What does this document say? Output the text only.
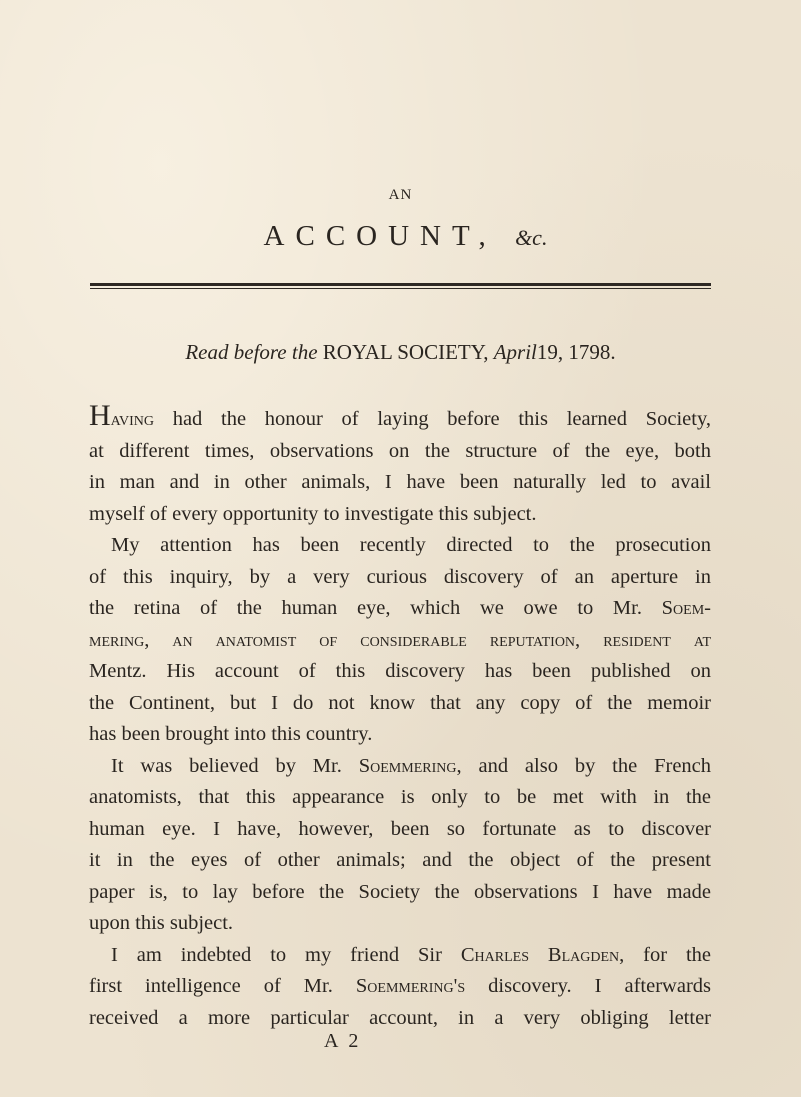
AN
ACCOUNT, &c.
Read before the ROYAL SOCIETY, April19, 1798.
Having had the honour of laying before this learned Society,
at different times, observations on the structure of the eye, both
in man and in other animals, I have been naturally led to avail
myself of every opportunity to investigate this subject.
My attention has been recently directed to the prosecution
of this inquiry, by a very curious discovery of an aperture in
the retina of the human eye, which we owe to Mr. Soem-
mering, an anatomist of considerable reputation, resident at
Mentz. His account of this discovery has been published on
the Continent, but I do not know that any copy of the memoir
has been brought into this country.
It was believed by Mr. Soemmering, and also by the French
anatomists, that this appearance is only to be met with in the
human eye. I have, however, been so fortunate as to discover
it in the eyes of other animals; and the object of the present
paper is, to lay before the Society the observations I have made
upon this subject.
I am indebted to my friend Sir Charles Blagden, for the
first intelligence of Mr. Soemmering's discovery. I afterwards
received a more particular account, in a very obliging letter
A 2
